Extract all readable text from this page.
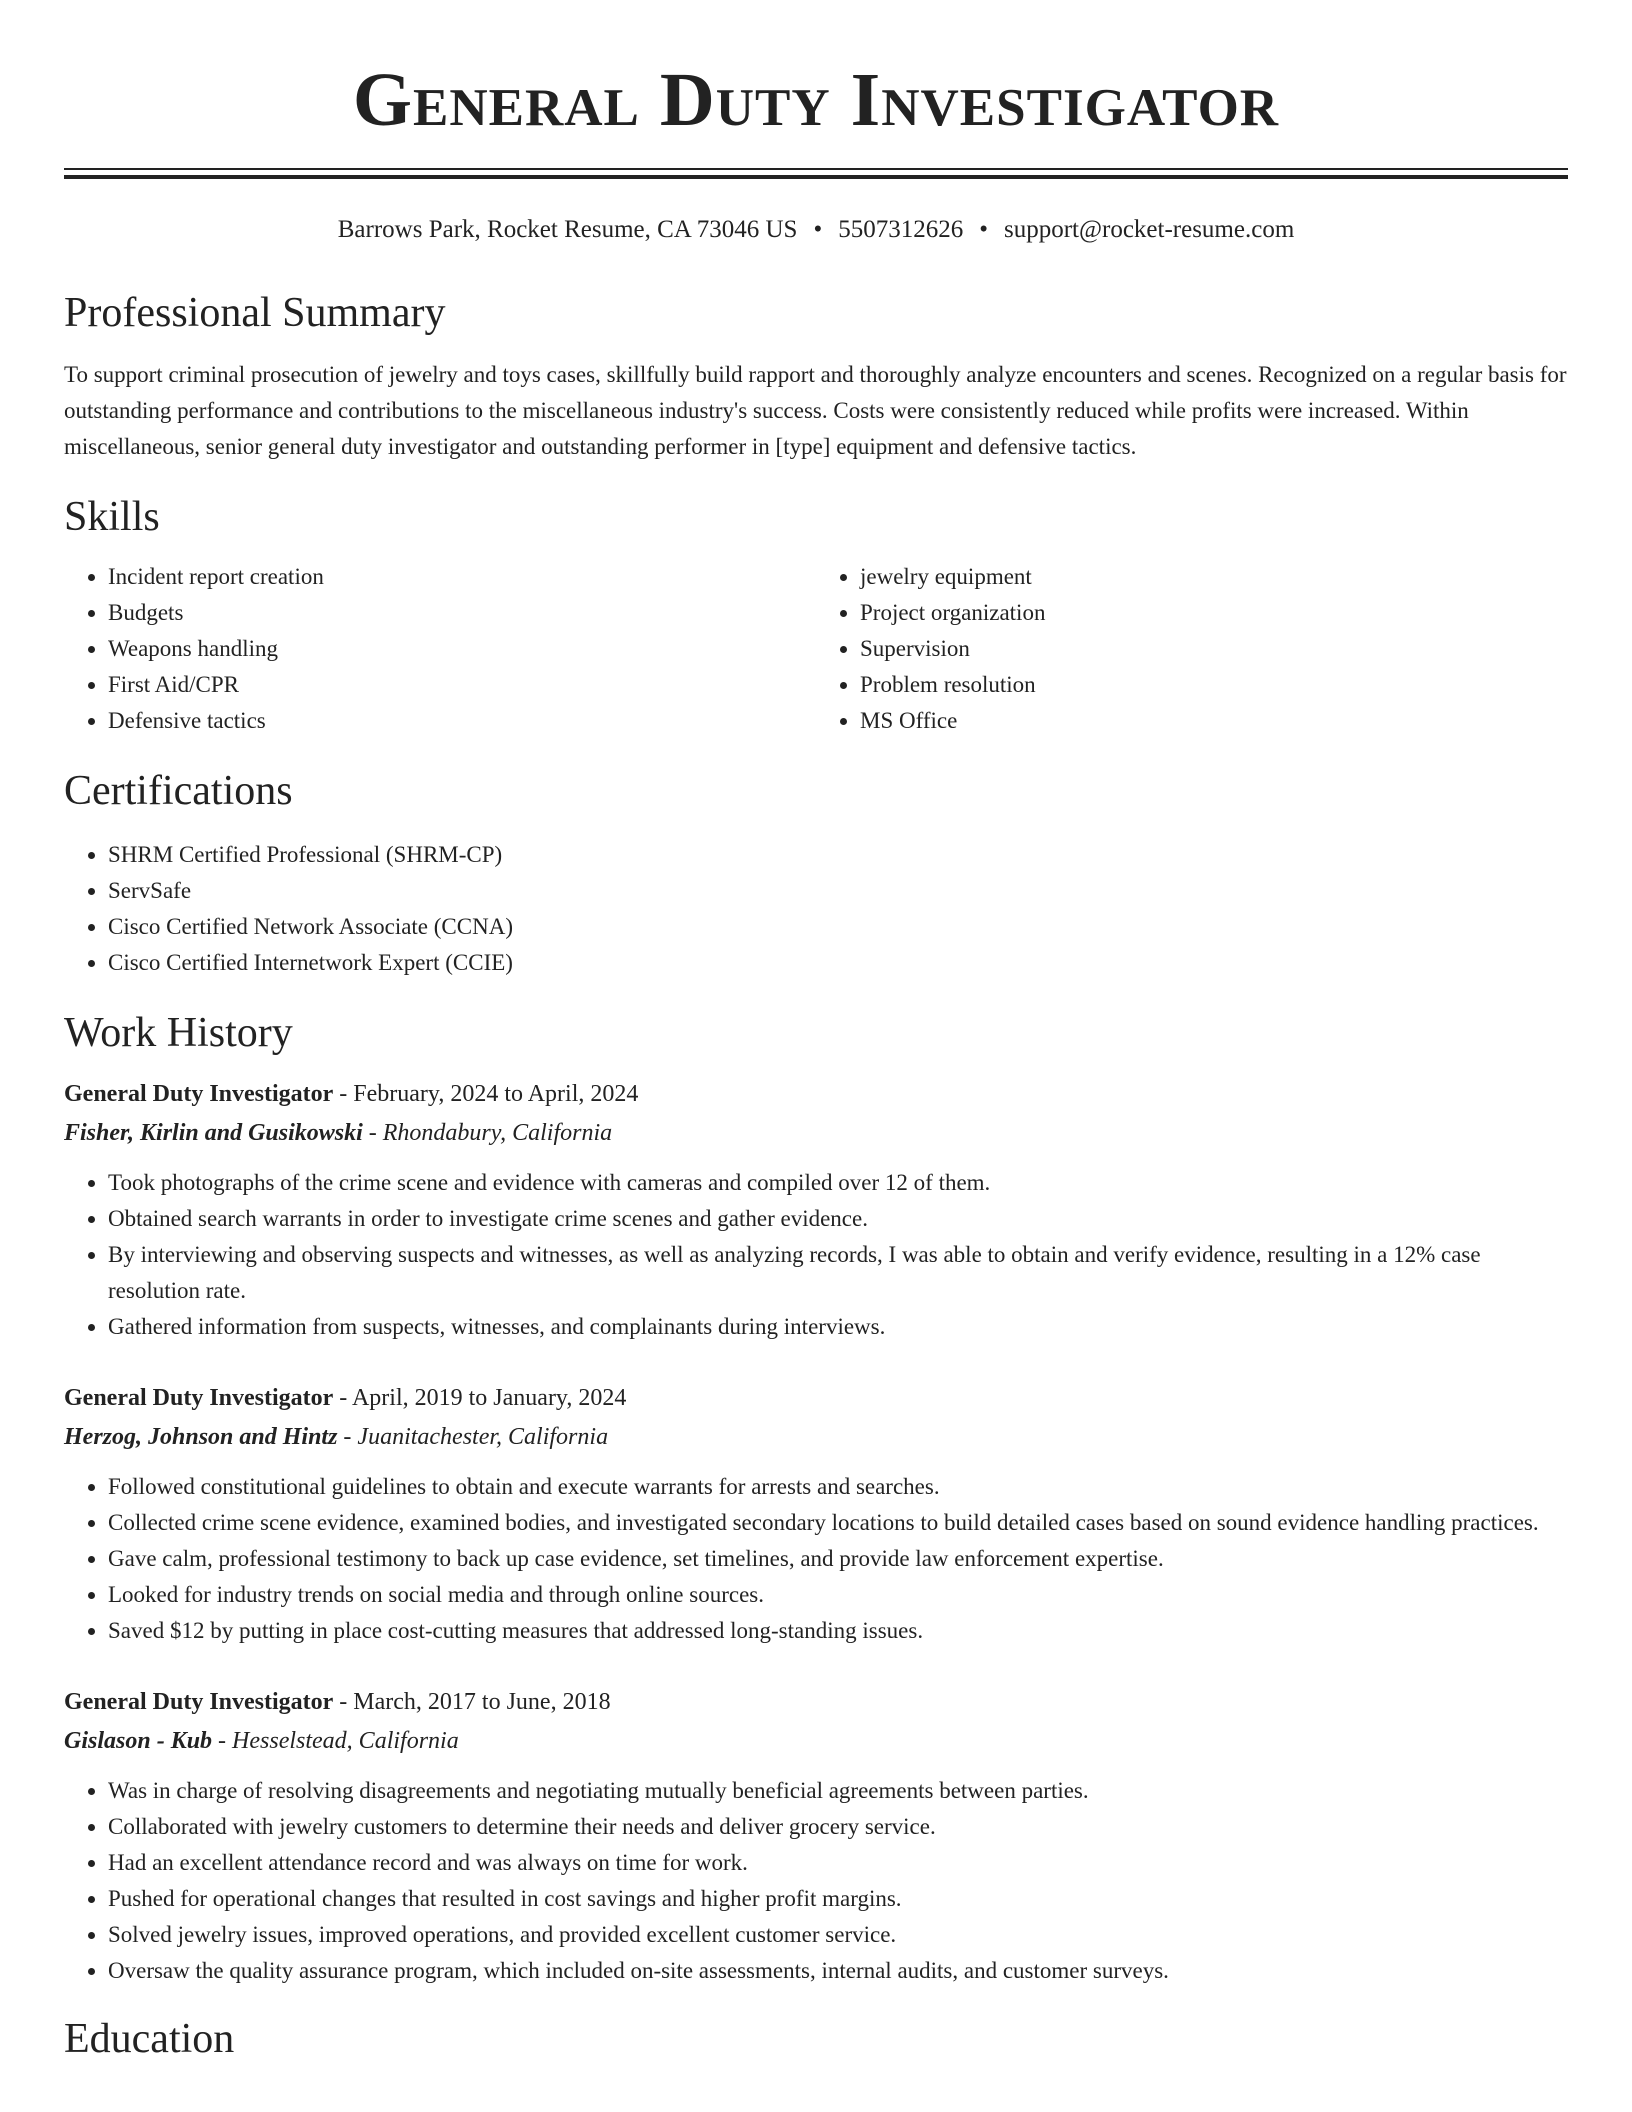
General Duty Investigator
Barrows Park, Rocket Resume, CA 73046 US • 5507312626 • support@rocket-resume.com
Professional Summary

To support criminal prosecution of jewelry and toys cases, skillfully build rapport and thoroughly analyze encounters and scenes. Recognized on a regular basis for outstanding performance and contributions to the miscellaneous industry's success. Costs were consistently reduced while profits were increased. Within miscellaneous, senior general duty investigator and outstanding performer in [type] equipment and defensive tactics.

Skills
• Incident report creation
• Budgets
• Weapons handling
• First Aid/CPR
• Defensive tactics
• jewelry equipment
• Project organization
• Supervision
• Problem resolution
• MS Office
Certifications
• SHRM Certified Professional (SHRM-CP)
• ServSafe
• Cisco Certified Network Associate (CCNA)
• Cisco Certified Internetwork Expert (CCIE)
Work History
General Duty Investigator - February, 2024 to April, 2024
Fisher, Kirlin and Gusikowski - Rhondabury, California
• Took photographs of the crime scene and evidence with cameras and compiled over 12 of them.
• Obtained search warrants in order to investigate crime scenes and gather evidence.
• By interviewing and observing suspects and witnesses, as well as analyzing records, I was able to obtain and verify evidence, resulting in a 12% case resolution rate.
• Gathered information from suspects, witnesses, and complainants during interviews.
General Duty Investigator - April, 2019 to January, 2024
Herzog, Johnson and Hintz - Juanitachester, California
• Followed constitutional guidelines to obtain and execute warrants for arrests and searches.
• Collected crime scene evidence, examined bodies, and investigated secondary locations to build detailed cases based on sound evidence handling practices.
• Gave calm, professional testimony to back up case evidence, set timelines, and provide law enforcement expertise.
• Looked for industry trends on social media and through online sources.
• Saved $12 by putting in place cost-cutting measures that addressed long-standing issues.
General Duty Investigator - March, 2017 to June, 2018
Gislason - Kub - Hesselstead, California
• Was in charge of resolving disagreements and negotiating mutually beneficial agreements between parties.
• Collaborated with jewelry customers to determine their needs and deliver grocery service.
• Had an excellent attendance record and was always on time for work.
• Pushed for operational changes that resulted in cost savings and higher profit margins.
• Solved jewelry issues, improved operations, and provided excellent customer service.
• Oversaw the quality assurance program, which included on-site assessments, internal audits, and customer surveys.
Education
